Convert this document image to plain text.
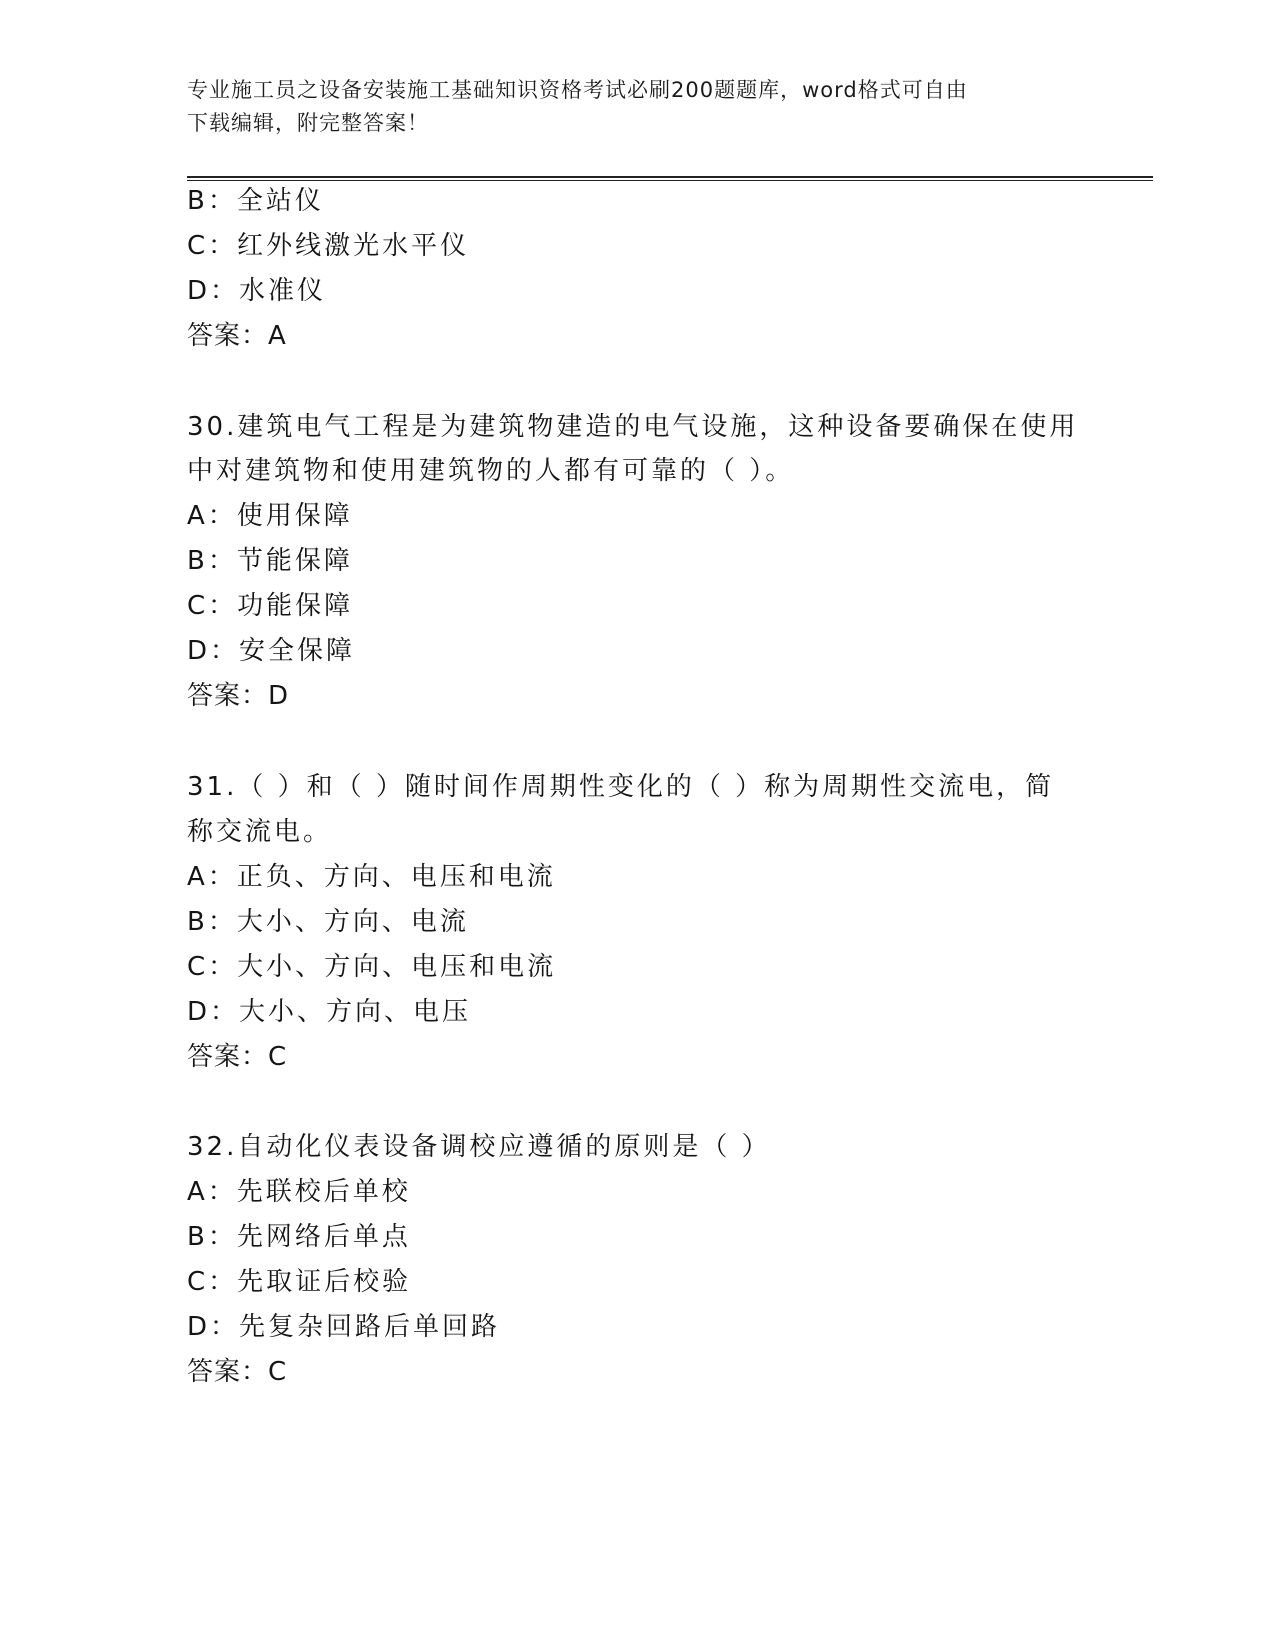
专业施工员之设备安装施工基础知识资格考试必刷200题题库，word格式可自由
下载编辑，附完整答案！
B：全站仪
C：红外线激光水平仪
D：水准仪
答案：A
30.建筑电气工程是为建筑物建造的电气设施，这种设备要确保在使用
中对建筑物和使用建筑物的人都有可靠的（ ）。
A：使用保障
B：节能保障
C：功能保障
D：安全保障
答案：D
31.（ ）和（ ）随时间作周期性变化的（ ）称为周期性交流电，简
称交流电。
A：正负、方向、电压和电流
B：大小、方向、电流
C：大小、方向、电压和电流
D：大小、方向、电压
答案：C
32.自动化仪表设备调校应遵循的原则是（ ）
A：先联校后单校
B：先网络后单点
C：先取证后校验
D：先复杂回路后单回路
答案：C
